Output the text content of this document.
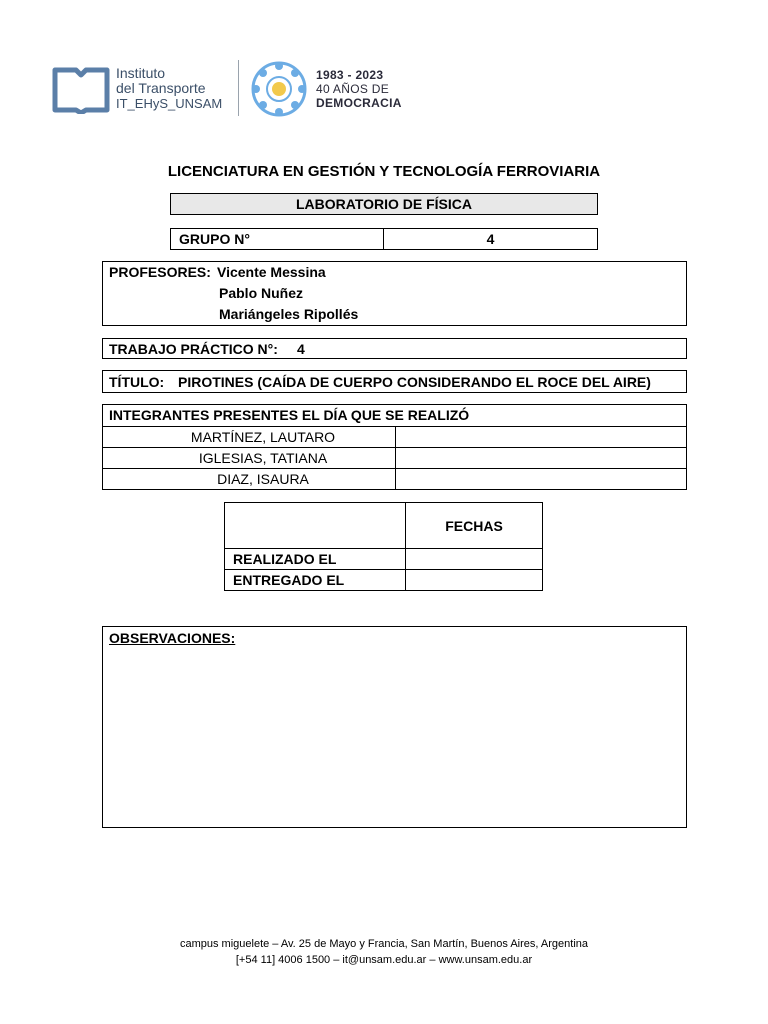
Instituto
del Transporte
IT_EHyS_UNSAM
1983 - 2023
40 AÑOS DE
DEMOCRACIA
LICENCIATURA EN GESTIÓN Y TECNOLOGÍA FERROVIARIA
LABORATORIO DE FÍSICA
GRUPO N°	4
PROFESORES: Vicente Messina
Pablo Nuñez
Mariángeles Ripollés
TRABAJO PRÁCTICO N°: 4
TÍTULO: PIROTINES (CAÍDA DE CUERPO CONSIDERANDO EL ROCE DEL AIRE)
INTEGRANTES PRESENTES EL DÍA QUE SE REALIZÓ
MARTÍNEZ, LAUTARO
IGLESIAS, TATIANA
DIAZ, ISAURA
FECHAS
REALIZADO EL
ENTREGADO EL
OBSERVACIONES:
campus miguelete – Av. 25 de Mayo y Francia, San Martín, Buenos Aires, Argentina
[+54 11] 4006 1500 – it@unsam.edu.ar – www.unsam.edu.ar
